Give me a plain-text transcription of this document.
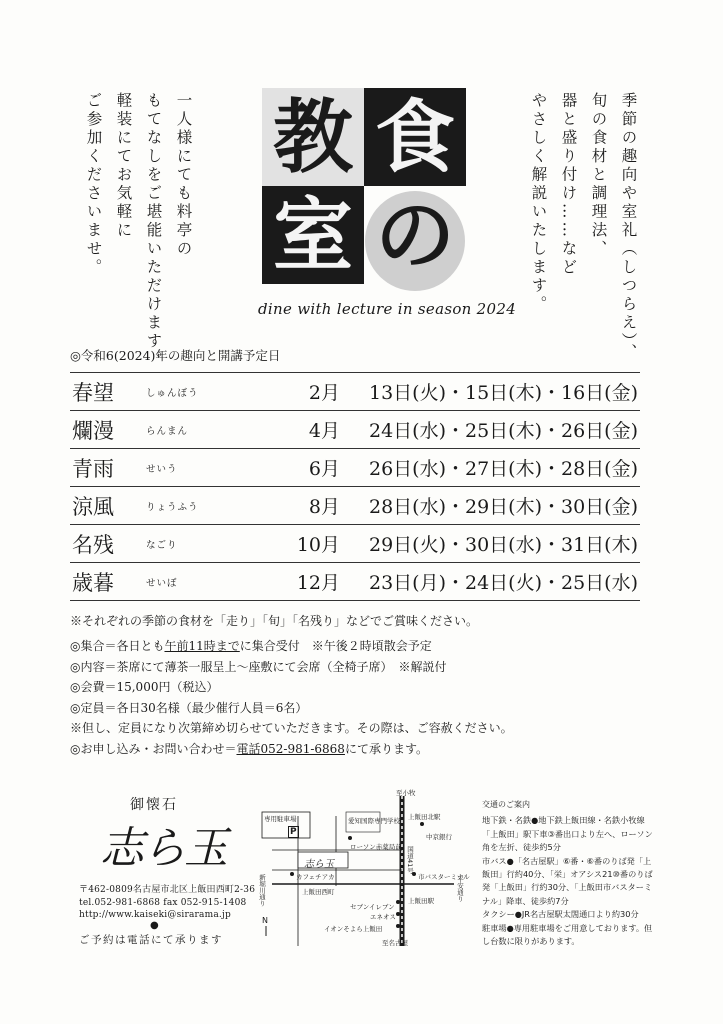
一人様にても料亭の
もてなしをご堪能いただけます。
軽装にてお気軽に
ご参加くださいませ。	季節の趣向や室礼（しつらえ）、
旬の食材と調理法、
器と盛り付け……など
やさしく解説いたします。
食
教
室 の
dine with lecture in season 2024
◎令和6(2024)年の趣向と開講予定日
春望	しゅんぼう	2月	13日(火)・15日(木)・16日(金)
爛漫	らんまん	4月	24日(水)・25日(木)・26日(金)
青雨	せいう	6月	26日(水)・27日(木)・28日(金)
涼風	りょうふう	8月	28日(水)・29日(木)・30日(金)
名残	なごり	10月	29日(火)・30日(水)・31日(木)
歳暮	せいぼ	12月	23日(月)・24日(火)・25日(水)
※それぞれの季節の食材を「走り」「旬」「名残り」などでご賞味ください。
◎集合＝各日とも午前11時までに集合受付　※午後２時頃散会予定
◎内容＝茶席にて薄茶一服呈上～座敷にて会席（全椅子席）　※解説付
◎会費＝15,000円（税込）
◎定員＝各日30名様（最少催行人員＝6名）
※但し、定員になり次第締め切らせていただきます。その際は、ご容赦ください。
◎お申し込み・お問い合わせ＝電話052-981-6868にて承ります。
御懐石
志ら玉
〒462-0809名古屋市北区上飯田西町2-36
tel.052-981-6868 fax 052-915-1408
http://www.kaiseki@sirarama.jp
●
ご予約は電話にて承ります
至小牧
専用駐車場
P
愛知国際専門学校 上飯田北駅
中京銀行
ローソン赤薬局前 国道41号
志ら玉
新堀川通り	カフェチアカ	市バスターミナル
上飯田西町	平安通り
上飯田駅
セブンイレブン
エネオス
イオンそよら上飯田
至名古屋
N
交通のご案内
地下鉄・名鉄●地下鉄上飯田線・名鉄小牧線「上飯田」駅下車③番出口より左へ、ローソン角を左折、徒歩約5分
市バス●「名古屋駅」⑥番・⑥番のりば発「上飯田」行約40分、「栄」オアシス21⑩番のりば発「上飯田」行約30分、「上飯田市バスターミナル」降車、徒歩約7分
タクシー●JR名古屋駅太閤通口より約30分
駐車場●専用駐車場をご用意しております。但し台数に限りがあります。
